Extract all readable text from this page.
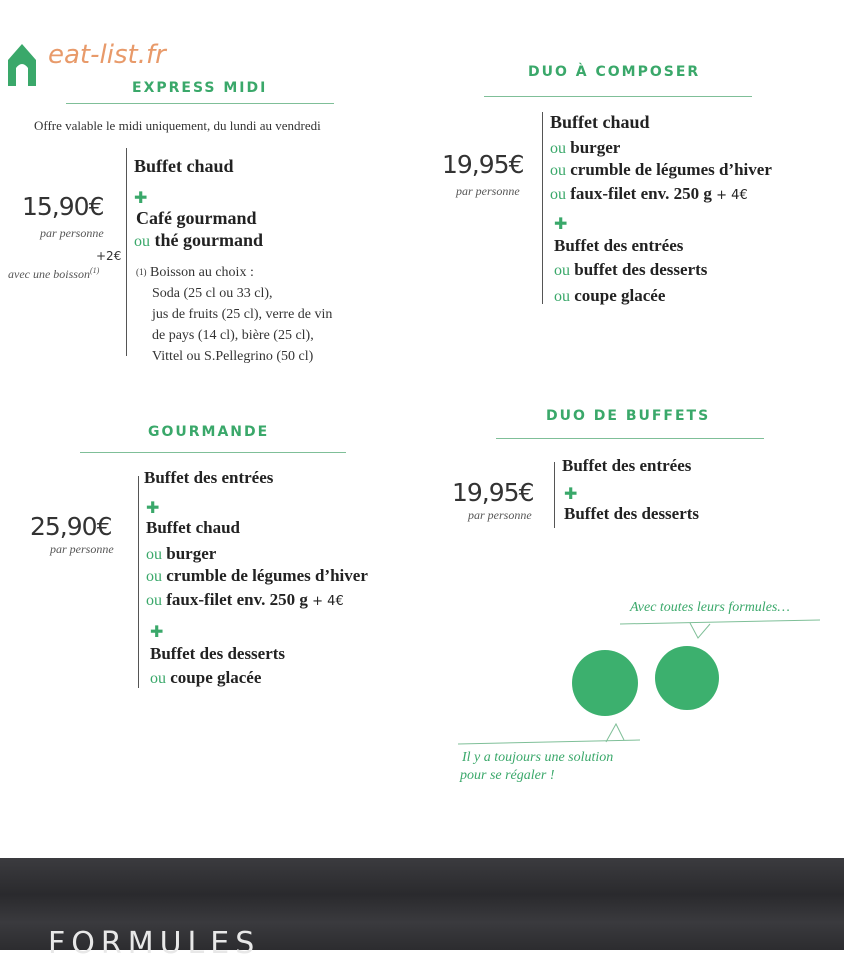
eat-list.fr
EXPRESS MIDI
Offre valable le midi uniquement, du lundi au vendredi
15,90€
par personne
+2€
avec une boisson$^{(1)}$
Buffet chaud
✚
Café gourmand
ou thé gourmand
$^{(1)}$ Boisson au choix :
Soda (25 cl ou 33 cl),
jus de fruits (25 cl), verre de vin
de pays (14 cl), bière (25 cl),
Vittel ou S.Pellegrino (50 cl)
DUO À COMPOSER
19,95€
par personne
Buffet chaud
ou burger
ou crumble de légumes d’hiver
ou faux-filet env. 250 g + 4€
✚
Buffet des entrées
ou buffet des desserts
ou coupe glacée
GOURMANDE
25,90€
par personne
Buffet des entrées
✚
Buffet chaud
ou burger
ou crumble de légumes d’hiver
ou faux-filet env. 250 g + 4€
✚
Buffet des desserts
ou coupe glacée
DUO DE BUFFETS
19,95€
par personne
Buffet des entrées
✚
Buffet des desserts
Avec toutes leurs formules…
Il y a toujours une solution
pour se régaler !
FORMULES
